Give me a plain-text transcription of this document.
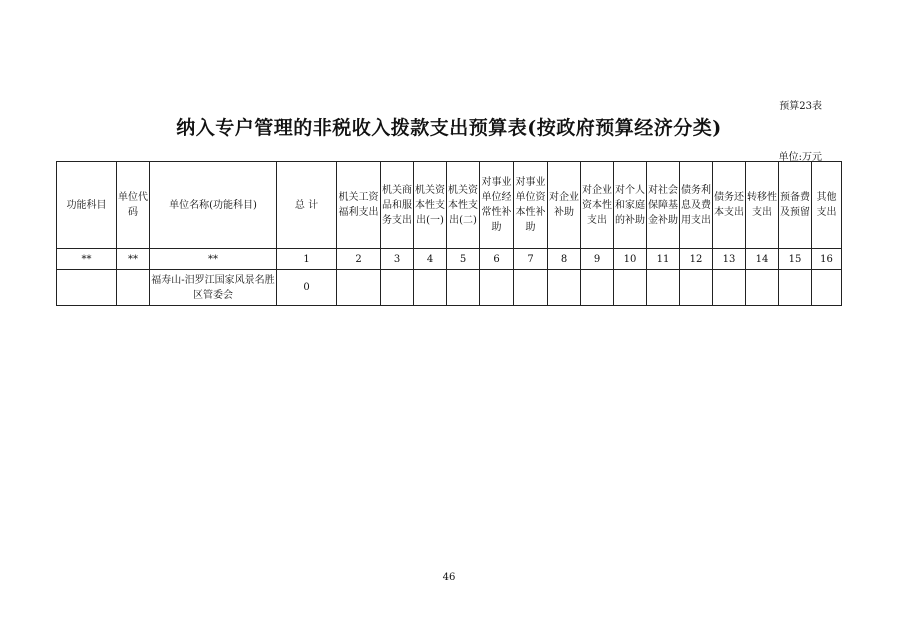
预算23表
纳入专户管理的非税收入拨款支出预算表(按政府预算经济分类)
单位:万元
功能科目	单位代码	单位名称(功能科目)	总 计	机关工资福利支出	机关商品和服务支出	机关资本性支出(一)	机关资本性支出(二)	对事业单位经常性补助	对事业单位资本性补助	对企业补助	对企业资本性支出	对个人和家庭的补助	对社会保障基金补助	债务利息及费用支出	债务还本支出	转移性支出	预备费及预留	其他支出
**	**	**	1	2	3	4	5	6	7	8	9	10	11	12	13	14	15	16
		福寿山-汨罗江国家风景名胜区管委会	0															
46
